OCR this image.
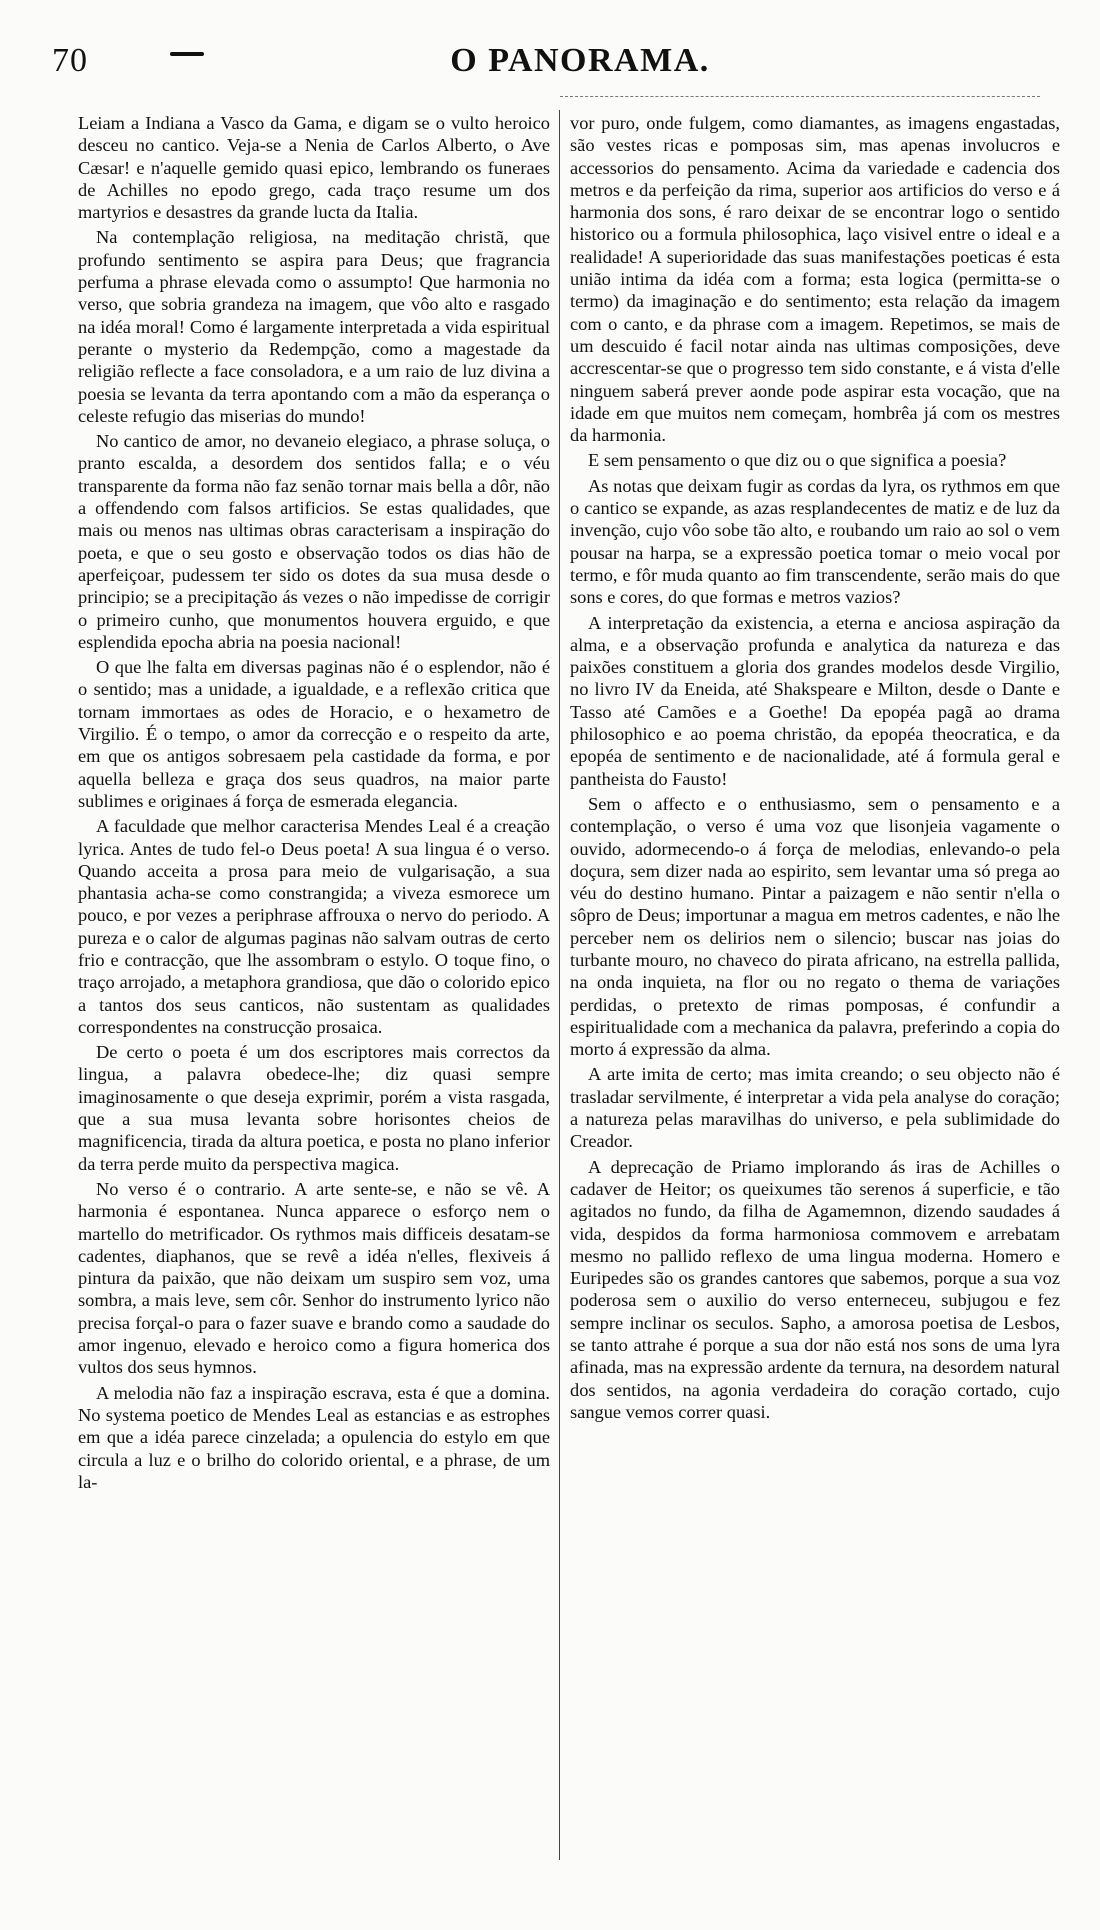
70	O PANORAMA.

Leiam a Indiana a Vasco da Gama, e digam se o vulto heroico desceu no cantico. Veja-se a Nenia de Carlos Alberto, o Ave Cæsar! e n'aquelle gemido quasi epico, lembrando os funeraes de Achilles no epodo grego, cada traço resume um dos martyrios e desastres da grande lucta da Italia.

Na contemplação religiosa, na meditação christã, que profundo sentimento se aspira para Deus; que fragrancia perfuma a phrase elevada como o assumpto! Que harmonia no verso, que sobria grandeza na imagem, que vôo alto e rasgado na idéa moral! Como é largamente interpretada a vida espiritual perante o mysterio da Redempção, como a magestade da religião reflecte a face consoladora, e a um raio de luz divina a poesia se levanta da terra apontando com a mão da esperança o celeste refugio das miserias do mundo!

No cantico de amor, no devaneio elegiaco, a phrase soluça, o pranto escalda, a desordem dos sentidos falla; e o véu transparente da forma não faz senão tornar mais bella a dôr, não a offendendo com falsos artificios. Se estas qualidades, que mais ou menos nas ultimas obras caracterisam a inspiração do poeta, e que o seu gosto e observação todos os dias hão de aperfeiçoar, pudessem ter sido os dotes da sua musa desde o principio; se a precipitação ás vezes o não impedisse de corrigir o primeiro cunho, que monumentos houvera erguido, e que esplendida epocha abria na poesia nacional!

O que lhe falta em diversas paginas não é o esplendor, não é o sentido; mas a unidade, a igualdade, e a reflexão critica que tornam immortaes as odes de Horacio, e o hexametro de Virgilio. É o tempo, o amor da correcção e o respeito da arte, em que os antigos sobresaem pela castidade da forma, e por aquella belleza e graça dos seus quadros, na maior parte sublimes e originaes á força de esmerada elegancia.

A faculdade que melhor caracterisa Mendes Leal é a creação lyrica. Antes de tudo fel-o Deus poeta! A sua lingua é o verso. Quando acceita a prosa para meio de vulgarisação, a sua phantasia acha-se como constrangida; a viveza esmorece um pouco, e por vezes a periphrase affrouxa o nervo do periodo. A pureza e o calor de algumas paginas não salvam outras de certo frio e contracção, que lhe assombram o estylo. O toque fino, o traço arrojado, a metaphora grandiosa, que dão o colorido epico a tantos dos seus canticos, não sustentam as qualidades correspondentes na construcção prosaica.

De certo o poeta é um dos escriptores mais correctos da lingua, a palavra obedece-lhe; diz quasi sempre imaginosamente o que deseja exprimir, porém a vista rasgada, que a sua musa levanta sobre horisontes cheios de magnificencia, tirada da altura poetica, e posta no plano inferior da terra perde muito da perspectiva magica.

No verso é o contrario. A arte sente-se, e não se vê. A harmonia é espontanea. Nunca apparece o esforço nem o martello do metrificador. Os rythmos mais difficeis desatam-se cadentes, diaphanos, que se revê a idéa n'elles, flexiveis á pintura da paixão, que não deixam um suspiro sem voz, uma sombra, a mais leve, sem côr. Senhor do instrumento lyrico não precisa forçal-o para o fazer suave e brando como a saudade do amor ingenuo, elevado e heroico como a figura homerica dos vultos dos seus hymnos.

A melodia não faz a inspiração escrava, esta é que a domina. No systema poetico de Mendes Leal as estancias e as estrophes em que a idéa parece cinzelada; a opulencia do estylo em que circula a luz e o brilho do colorido oriental, e a phrase, de um la-

vor puro, onde fulgem, como diamantes, as imagens engastadas, são vestes ricas e pomposas sim, mas apenas involucros e accessorios do pensamento. Acima da variedade e cadencia dos metros e da perfeição da rima, superior aos artificios do verso e á harmonia dos sons, é raro deixar de se encontrar logo o sentido historico ou a formula philosophica, laço visivel entre o ideal e a realidade! A superioridade das suas manifestações poeticas é esta união intima da idéa com a forma; esta logica (permitta-se o termo) da imaginação e do sentimento; esta relação da imagem com o canto, e da phrase com a imagem. Repetimos, se mais de um descuido é facil notar ainda nas ultimas composições, deve accrescentar-se que o progresso tem sido constante, e á vista d'elle ninguem saberá prever aonde pode aspirar esta vocação, que na idade em que muitos nem começam, hombrêa já com os mestres da harmonia.

E sem pensamento o que diz ou o que significa a poesia?

As notas que deixam fugir as cordas da lyra, os rythmos em que o cantico se expande, as azas resplandecentes de matiz e de luz da invenção, cujo vôo sobe tão alto, e roubando um raio ao sol o vem pousar na harpa, se a expressão poetica tomar o meio vocal por termo, e fôr muda quanto ao fim transcendente, serão mais do que sons e cores, do que formas e metros vazios?

A interpretação da existencia, a eterna e anciosa aspiração da alma, e a observação profunda e analytica da natureza e das paixões constituem a gloria dos grandes modelos desde Virgilio, no livro IV da Eneida, até Shakspeare e Milton, desde o Dante e Tasso até Camões e a Goethe! Da epopéa pagã ao drama philosophico e ao poema christão, da epopéa theocratica, e da epopéa de sentimento e de nacionalidade, até á formula geral e pantheista do Fausto!

Sem o affecto e o enthusiasmo, sem o pensamento e a contemplação, o verso é uma voz que lisonjeia vagamente o ouvido, adormecendo-o á força de melodias, enlevando-o pela doçura, sem dizer nada ao espirito, sem levantar uma só prega ao véu do destino humano. Pintar a paizagem e não sentir n'ella o sôpro de Deus; importunar a magua em metros cadentes, e não lhe perceber nem os delirios nem o silencio; buscar nas joias do turbante mouro, no chaveco do pirata africano, na estrella pallida, na onda inquieta, na flor ou no regato o thema de variações perdidas, o pretexto de rimas pomposas, é confundir a espiritualidade com a mechanica da palavra, preferindo a copia do morto á expressão da alma.

A arte imita de certo; mas imita creando; o seu objecto não é trasladar servilmente, é interpretar a vida pela analyse do coração; a natureza pelas maravilhas do universo, e pela sublimidade do Creador.

A deprecação de Priamo implorando ás iras de Achilles o cadaver de Heitor; os queixumes tão serenos á superficie, e tão agitados no fundo, da filha de Agamemnon, dizendo saudades á vida, despidos da forma harmoniosa commovem e arrebatam mesmo no pallido reflexo de uma lingua moderna. Homero e Euripedes são os grandes cantores que sabemos, porque a sua voz poderosa sem o auxilio do verso enterneceu, subjugou e fez sempre inclinar os seculos. Sapho, a amorosa poetisa de Lesbos, se tanto attrahe é porque a sua dor não está nos sons de uma lyra afinada, mas na expressão ardente da ternura, na desordem natural dos sentidos, na agonia verdadeira do coração cortado, cujo sangue vemos correr quasi.
